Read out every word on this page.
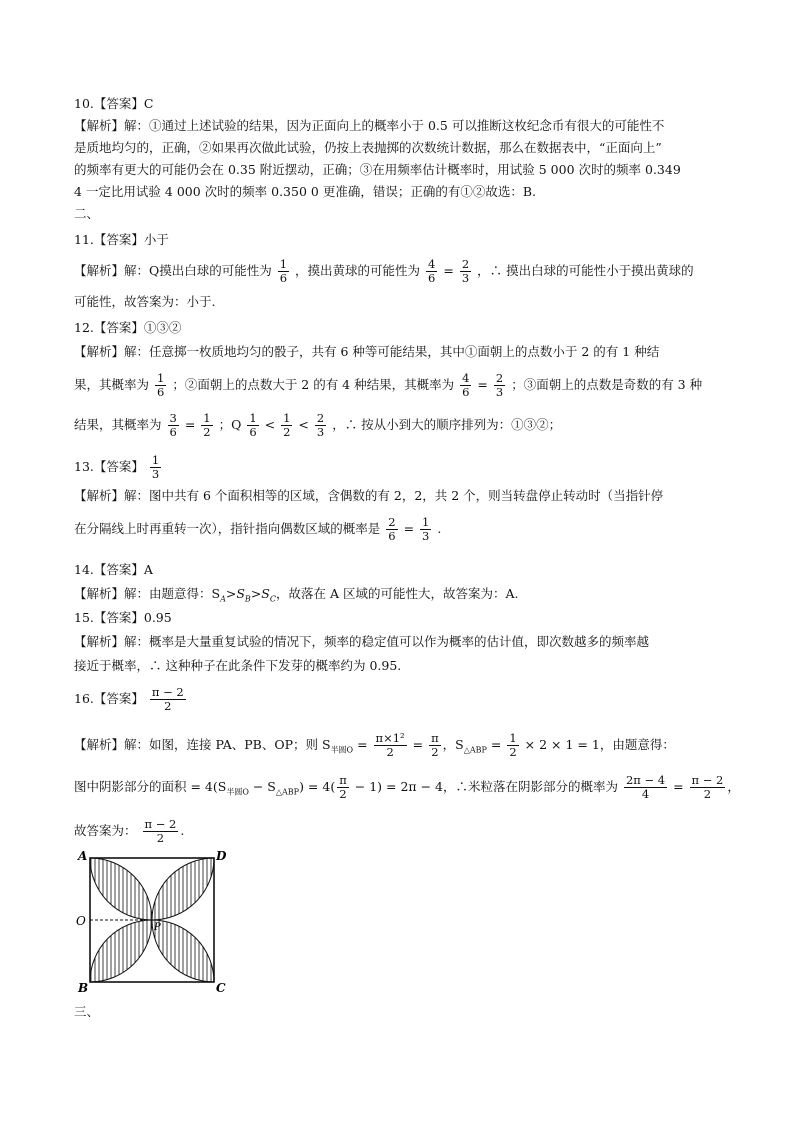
10.【答案】C
【解析】解：①通过上述试验的结果，因为正面向上的概率小于 0.5 可以推断这枚纪念币有很大的可能性不
是质地均匀的，正确，②如果再次做此试验，仍按上表抛掷的次数统计数据，那么在数据表中，“正面向上”
的频率有更大的可能仍会在 0.35 附近摆动，正确；③在用频率估计概率时，用试验 5 000 次时的频率 0.349
4 一定比用试验 4 000 次时的频率 0.350 0 更准确，错误；正确的有①②故选：B.
二、
11.【答案】小于
【解析】解：Q摸出白球的可能性为 $\frac{1}{6}$ ，摸出黄球的可能性为 $\frac{4}{6} = \frac{2}{3}$ ，∴ 摸出白球的可能性小于摸出黄球的
可能性，故答案为：小于.
12.【答案】①③②
【解析】解：任意掷一枚质地均匀的骰子，共有 6 种等可能结果，其中①面朝上的点数小于 2 的有 1 种结
果，其概率为 $\frac{1}{6}$ ；②面朝上的点数大于 2 的有 4 种结果，其概率为 $\frac{4}{6} = \frac{2}{3}$ ；③面朝上的点数是奇数的有 3 种
结果，其概率为 $\frac{3}{6} = \frac{1}{2}$ ；Q $\frac{1}{6} < \frac{1}{2} < \frac{2}{3}$ ，∴ 按从小到大的顺序排列为：①③②；
13.【答案】 $\frac{1}{3}$
【解析】解：图中共有 6 个面积相等的区域，含偶数的有 2，2，共 2 个，则当转盘停止转动时（当指针停
在分隔线上时再重转一次），指针指向偶数区域的概率是 $\frac{2}{6} = \frac{1}{3}$ .
14.【答案】A
【解析】解：由题意得：$S_A>S_B>S_C$，故落在 A 区域的可能性大，故答案为：A.
15.【答案】0.95
【解析】解：概率是大量重复试验的情况下，频率的稳定值可以作为概率的估计值，即次数越多的频率越
接近于概率，∴ 这种种子在此条件下发芽的概率约为 0.95.
16.【答案】 $\frac{\pi - 2}{2}$
【解析】解：如图，连接 PA、PB、OP；则 $S_{半圆O} = \frac{\text{π×1²}}{2} = \frac{\pi}{2}$ ，$S_{\triangle ABP} = \frac{1}{2} \times 2 \times 1 = 1$，由题意得：
图中阴影部分的面积 = $4(S_{半圆O} - S_{\triangle ABP}) = 4( \frac{\pi}{2} - 1) = 2\pi - 4$，∴米粒落在阴影部分的概率为 $\frac{2\pi - 4}{4} = \frac{\pi - 2}{2}$ ，
故答案为： $\frac{\pi - 2}{2}$ .
A	D
O	P
B	C
三、
